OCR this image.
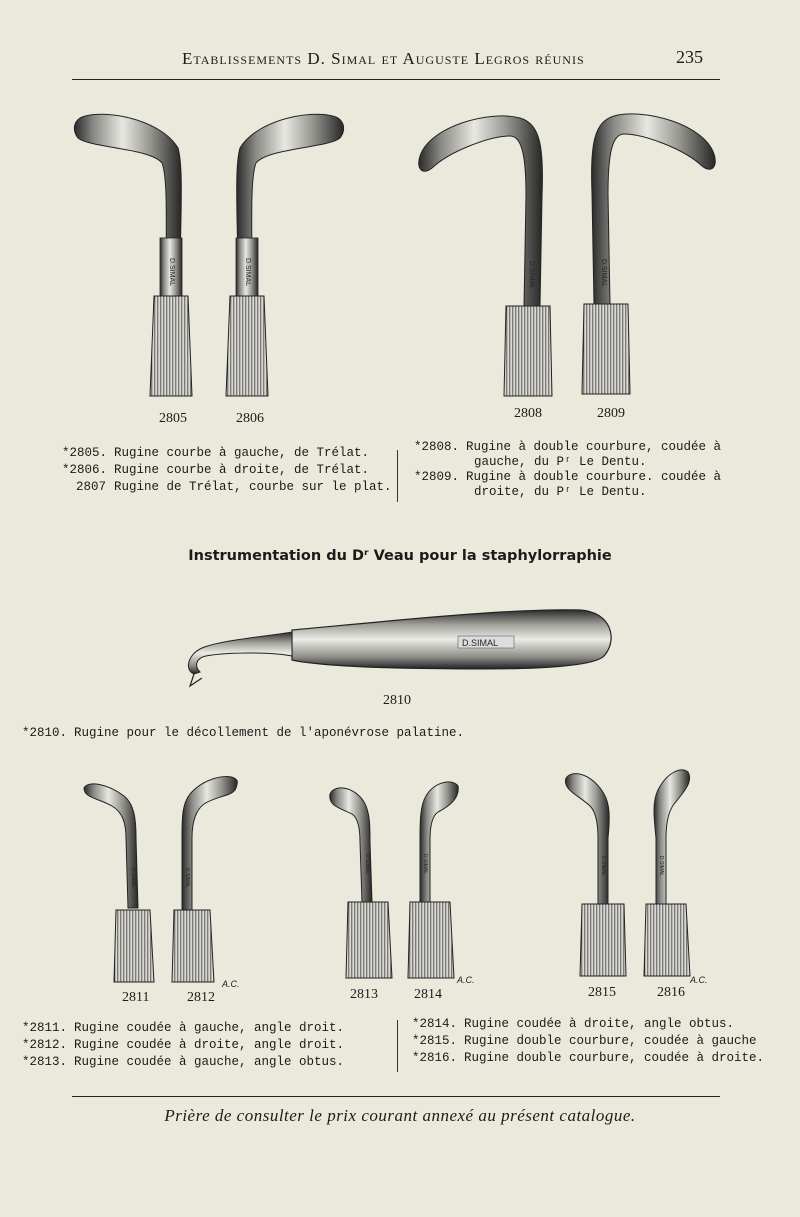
Etablissements D. Simal et Auguste Legros réunis	235
D.SIMAL	D.SIMAL	D.SIMAL	D.SIMAL
2805	2806	2808	2809
*2805. Rugine courbe à gauche, de Trélat.
*2806. Rugine courbe à droite, de Trélat.
2807 Rugine de Trélat, courbe sur le plat.
*2808. Rugine à double courbure, coudée à
gauche, du Pʳ Le Dentu.
*2809. Rugine à double courbure. coudée à
droite, du Pʳ Le Dentu.
Instrumentation du Dʳ Veau pour la staphylorraphie
D.SIMAL
2810
*2810. Rugine pour le décollement de l'aponévrose palatine.
D.SIMAL	D.SIMAL
A.C.
D.SIMAL	D.SIMAL
A.C.
D.SIMAL	D.SIMAL
A.C.
2811	2812	2813	2814	2815	2816
*2811. Rugine coudée à gauche, angle droit.
*2812. Rugine coudée à droite, angle droit.
*2813. Rugine coudée à gauche, angle obtus.
*2814. Rugine coudée à droite, angle obtus.
*2815. Rugine double courbure, coudée à gauche
*2816. Rugine double courbure, coudée à droite.
Prière de consulter le prix courant annexé au présent catalogue.
